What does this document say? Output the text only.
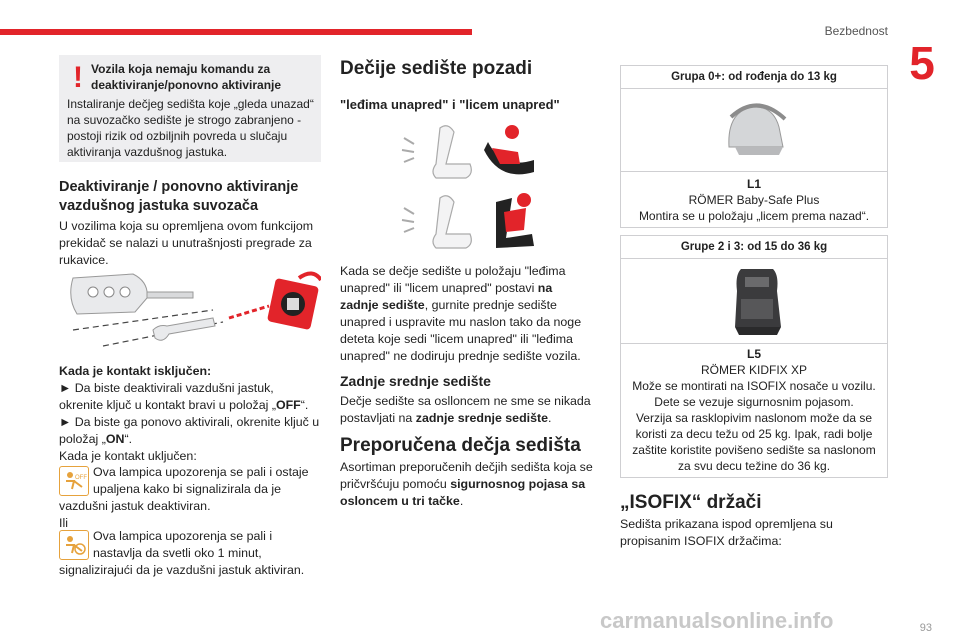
Bezbednost
5
! Vozila koja nemaju komandu za deaktiviranje/ponovno aktiviranje
Instaliranje dečjeg sedišta koje „gleda unazad“ na suvozačko sedište je strogo zabranjeno - postoji rizik od ozbiljnih povreda u slučaju aktiviranja vazdušnog jastuka.
Deaktiviranje / ponovno aktiviranje vazdušnog jastuka suvozača

U vozilima koja su opremljena ovom funkcijom prekidač se nalazi u unutrašnjosti pregrade za rukavice.

Kada je kontakt isključen:

► Da biste deaktivirali vazdušni jastuk, okrenite ključ u kontakt bravi u položaj „OFF“.

► Da biste ga ponovo aktivirali, okrenite ključ u položaj „ON“.

Kada je kontakt uključen:

OFF Ova lampica upozorenja se pali i ostaje

upaljena kako bi signalizirala da je

vazdušni jastuk deaktiviran.

Ili

Ova lampica upozorenja se pali i

nastavlja da svetli oko 1 minut,

signalizirajući da je vazdušni jastuk aktiviran.

Dečije sedište pozadi
"leđima unapred" i "licem unapred"

Kada se dečje sedište u položaju "leđima unapred" ili "licem unapred" postavi na zadnje sedište, gurnite prednje sedište unapred i uspravite mu naslon tako da noge deteta koje sedi "licem unapred" ili "leđima unapred" ne dodiruju prednje sedište vozila.

Zadnje srednje sedište

Dečje sedište sa oslloncem ne sme se nikada postavljati na zadnje srednje sedište.

Preporučena dečja sedišta

Asortiman preporučenih dečjih sedišta koja se pričvršćuju pomoću sigurnosnog pojasa sa osloncem u tri tačke.

Grupa 0+: od rođenja do 13 kg
L1
RÖMER Baby-Safe Plus
Montira se u položaju „licem prema nazad“.
Grupe 2 i 3: od 15 do 36 kg
L5
RÖMER KIDFIX XP
Može se montirati na ISOFIX nosače u vozilu.
Dete se vezuje sigurnosnim pojasom.
Verzija sa rasklopivim naslonom može da se koristi za decu težu od 25 kg. Ipak, radi bolje zaštite koristite povišeno sedište sa naslonom za svu decu težine do 36 kg.
„ISOFIX“ držači

Sedišta prikazana ispod opremljena su propisanim ISOFIX držačima:

carmanualsonline.info	93
